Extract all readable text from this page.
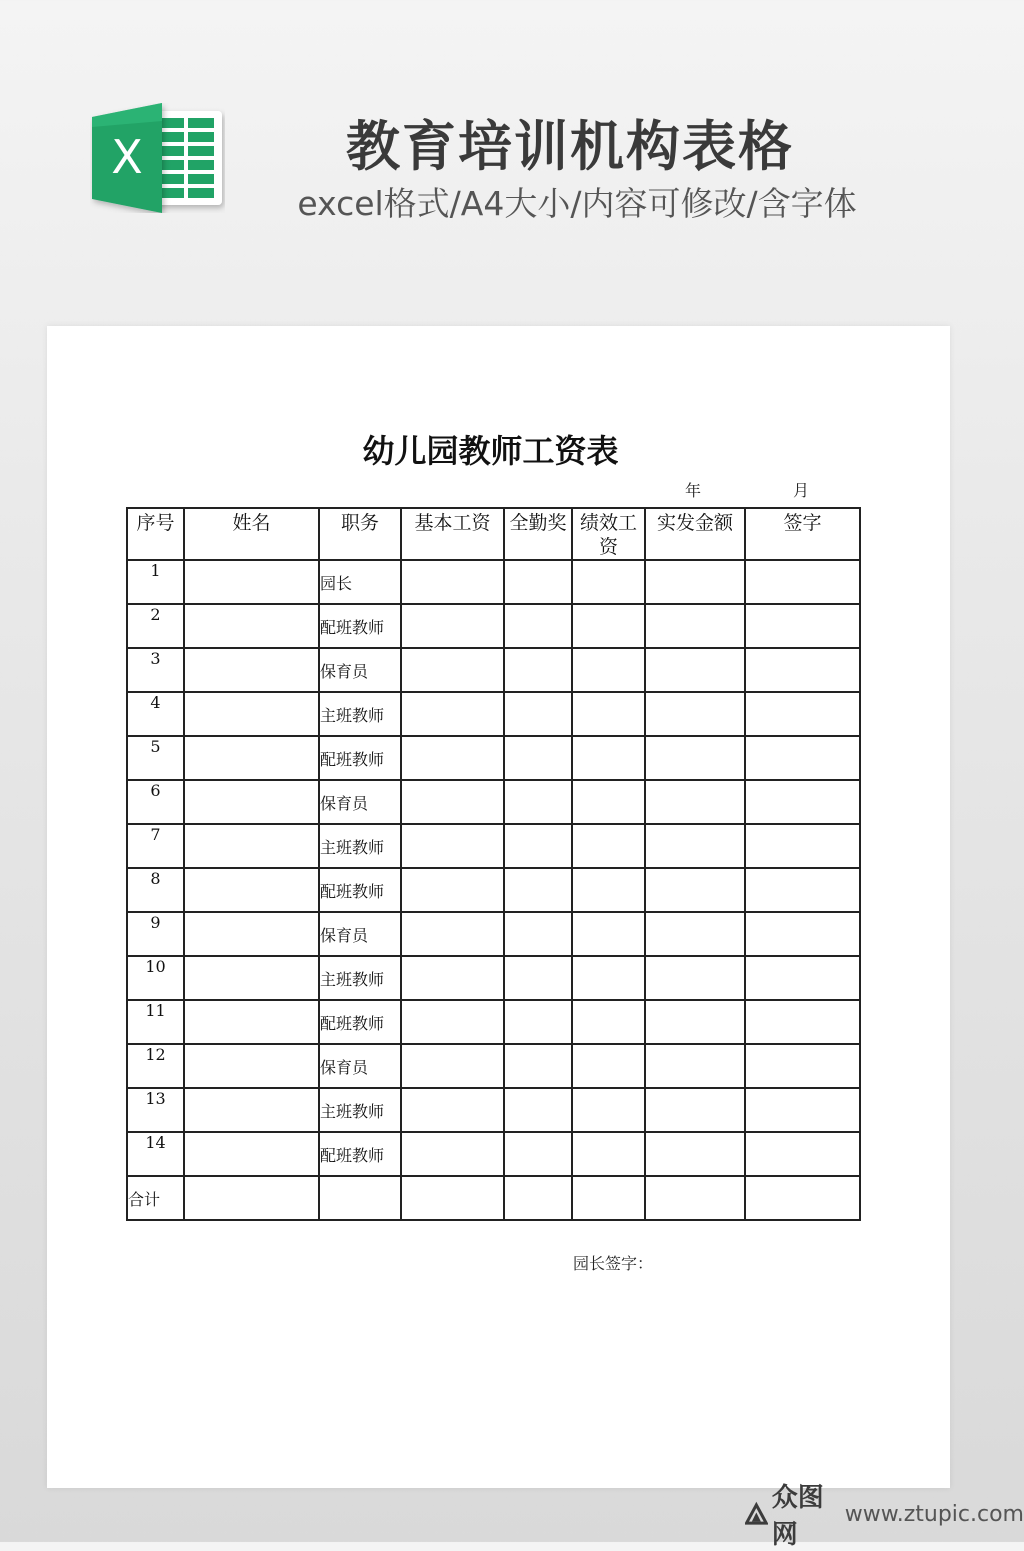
X	教育培训机构表格
excel格式/A4大小/内容可修改/含字体
幼儿园教师工资表
年	月
序号	姓名	职务	基本工资	全勤奖	绩效工资	实发金额	签字
1		园长					
2		配班教师					
3		保育员					
4		主班教师					
5		配班教师					
6		保育员					
7		主班教师					
8		配班教师					
9		保育员					
10		主班教师					
11		配班教师					
12		保育员					
13		主班教师					
14		配班教师					
合计							
园长签字：
众图网
www.ztupic.com
